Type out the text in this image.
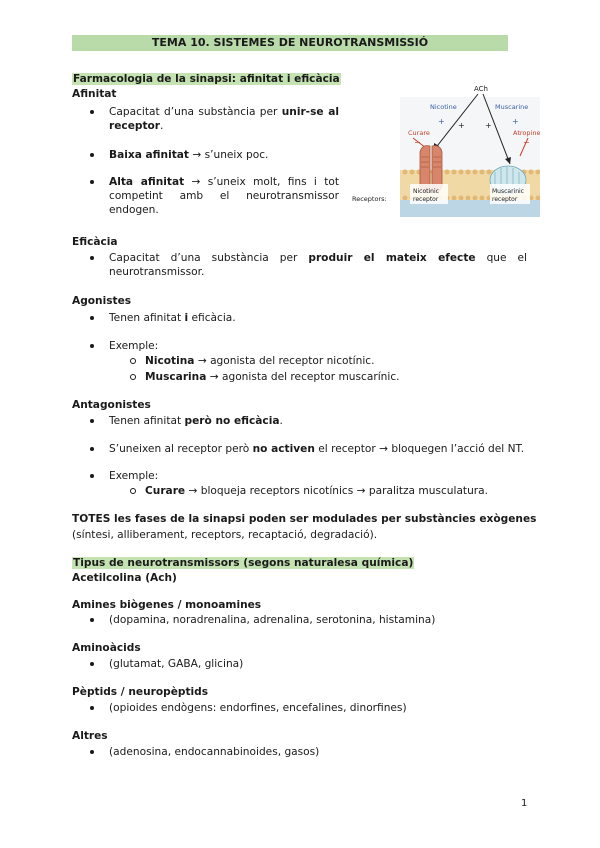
TEMA 10. SISTEMES DE NEUROTRANSMISSIÓ
Farmacologia de la sinapsi: afinitat i eficàcia
Afinitat
Capacitat d’una substància per unir-se al receptor.
Baixa afinitat → s’uneix poc.
Alta afinitat → s’uneix molt, fins i tot competint amb el neurotransmissor endogen.
ACh
Nicotine	Muscarine
Curare	Atropine
+ +	+	+
−	−
Nicotinic
receptor
Muscarinic
receptor
Receptors:
Eficàcia
Capacitat d’una substància per produir el mateix efecte que el neurotransmissor.
Agonistes
Tenen afinitat i eficàcia.
Exemple:
Nicotina → agonista del receptor nicotínic.
Muscarina → agonista del receptor muscarínic.
Antagonistes
Tenen afinitat però no eficàcia.
S’uneixen al receptor però no activen el receptor → bloquegen l’acció del NT.
Exemple:
Curare → bloqueja receptors nicotínics → paralitza musculatura.
TOTES les fases de la sinapsi poden ser modulades per substàncies exògenes
(síntesi, alliberament, receptors, recaptació, degradació).
Tipus de neurotransmissors (segons naturalesa química)
Acetilcolina (Ach)
Amines biògenes / monoamines
(dopamina, noradrenalina, adrenalina, serotonina, histamina)
Aminoàcids
(glutamat, GABA, glicina)
Pèptids / neuropèptids
(opioides endògens: endorfines, encefalines, dinorfines)
Altres
(adenosina, endocannabinoides, gasos)
1
